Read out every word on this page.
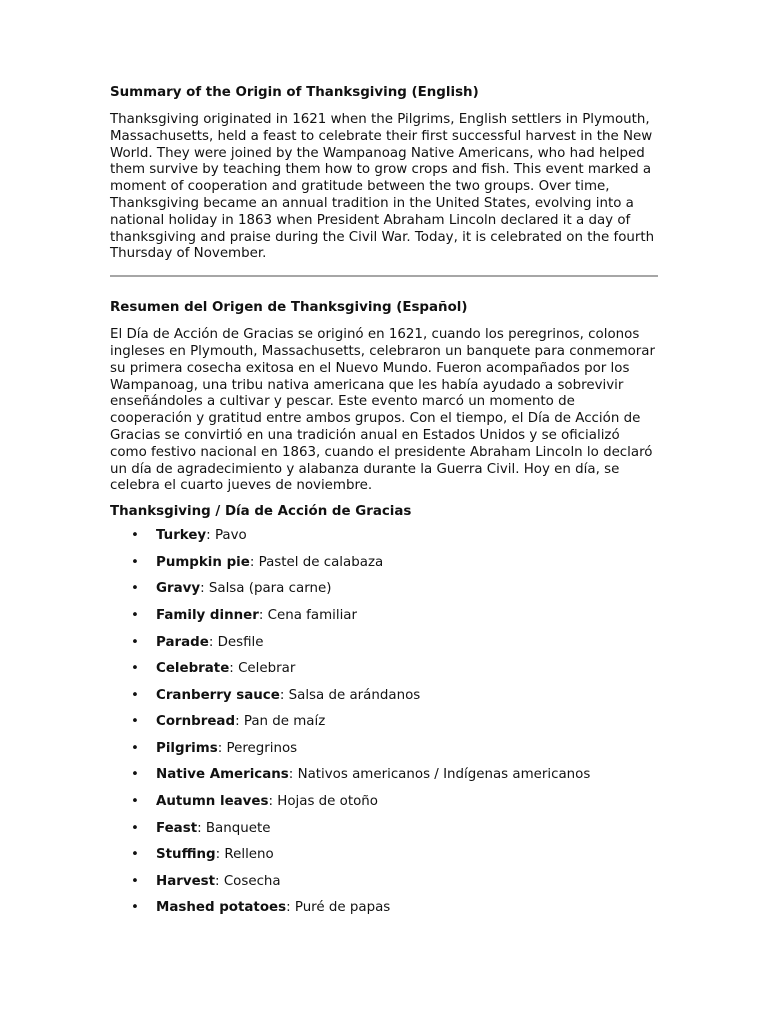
Summary of the Origin of Thanksgiving (English)

Thanksgiving originated in 1621 when the Pilgrims, English settlers in Plymouth, Massachusetts, held a feast to celebrate their first successful harvest in the New World. They were joined by the Wampanoag Native Americans, who had helped them survive by teaching them how to grow crops and fish. This event marked a moment of cooperation and gratitude between the two groups. Over time, Thanksgiving became an annual tradition in the United States, evolving into a national holiday in 1863 when President Abraham Lincoln declared it a day of thanksgiving and praise during the Civil War. Today, it is celebrated on the fourth Thursday of November.

Resumen del Origen de Thanksgiving (Español)

El Día de Acción de Gracias se originó en 1621, cuando los peregrinos, colonos ingleses en Plymouth, Massachusetts, celebraron un banquete para conmemorar su primera cosecha exitosa en el Nuevo Mundo. Fueron acompañados por los Wampanoag, una tribu nativa americana que les había ayudado a sobrevivir enseñándoles a cultivar y pescar. Este evento marcó un momento de cooperación y gratitud entre ambos grupos. Con el tiempo, el Día de Acción de Gracias se convirtió en una tradición anual en Estados Unidos y se oficializó como festivo nacional en 1863, cuando el presidente Abraham Lincoln lo declaró un día de agradecimiento y alabanza durante la Guerra Civil. Hoy en día, se celebra el cuarto jueves de noviembre.

Thanksgiving / Día de Acción de Gracias
• Turkey: Pavo
• Pumpkin pie: Pastel de calabaza
• Gravy: Salsa (para carne)
• Family dinner: Cena familiar
• Parade: Desfile
• Celebrate: Celebrar
• Cranberry sauce: Salsa de arándanos
• Cornbread: Pan de maíz
• Pilgrims: Peregrinos
• Native Americans: Nativos americanos / Indígenas americanos
• Autumn leaves: Hojas de otoño
• Feast: Banquete
• Stuffing: Relleno
• Harvest: Cosecha
• Mashed potatoes: Puré de papas
